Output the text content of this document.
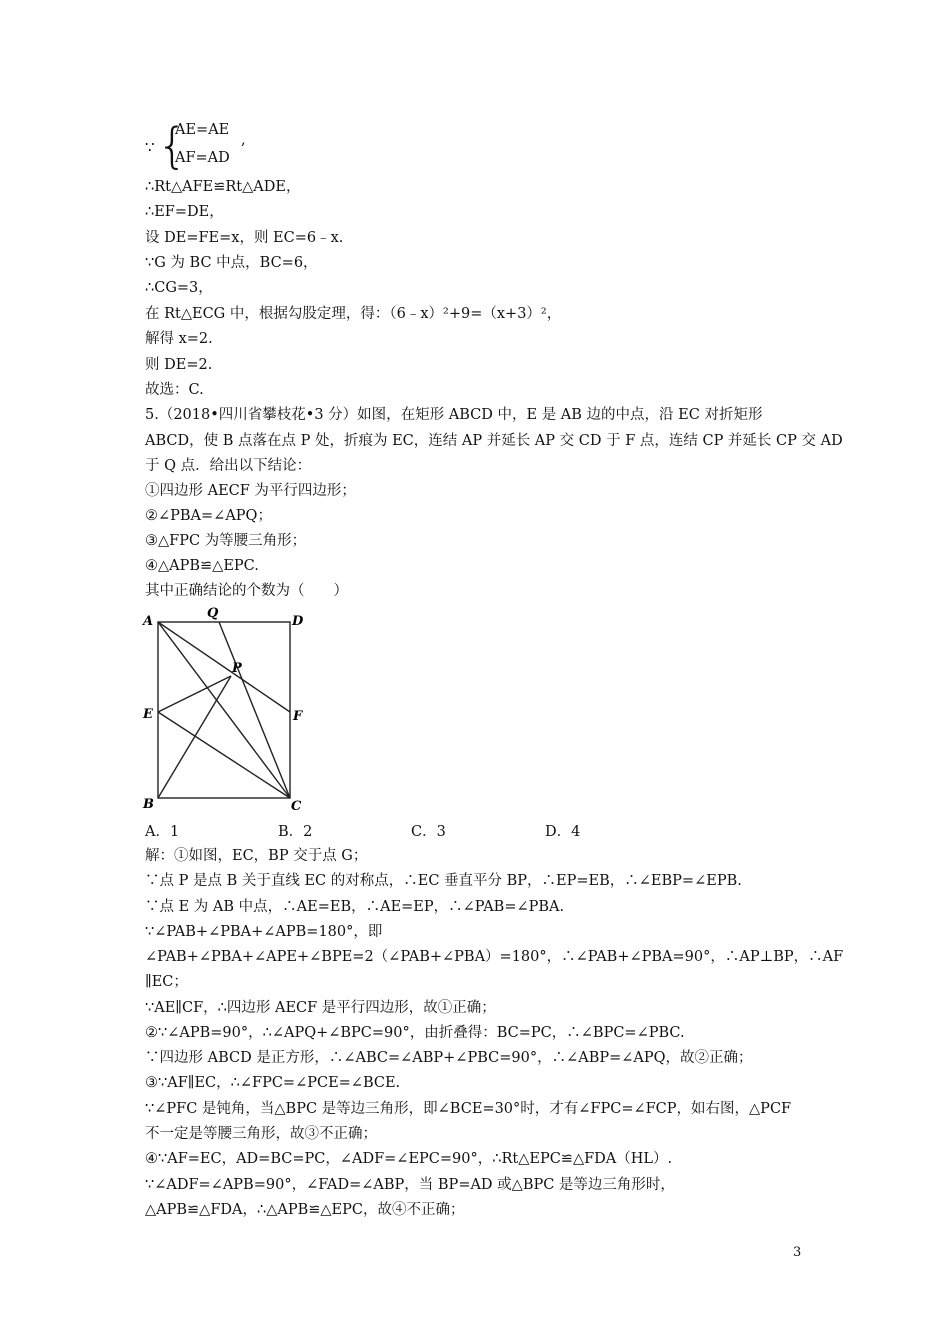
∵ {
AE=AE
AF=AD
,
∴Rt△AFE≌Rt△ADE，
∴EF=DE，
设 DE=FE=x，则 EC=6﹣x.
∵G 为 BC 中点，BC=6，
∴CG=3，
在 Rt△ECG 中，根据勾股定理，得：（6﹣x）²+9=（x+3）²，
解得 x=2.
则 DE=2.
故选：C.
5.（2018•四川省攀枝花•3 分）如图，在矩形 ABCD 中，E 是 AB 边的中点，沿 EC 对折矩形
ABCD，使 B 点落在点 P 处，折痕为 EC，连结 AP 并延长 AP 交 CD 于 F 点，连结 CP 并延长 CP 交 AD
于 Q 点．给出以下结论：
①四边形 AECF 为平行四边形；
②∠PBA=∠APQ；
③△FPC 为等腰三角形；
④△APB≌△EPC.
其中正确结论的个数为（　　）
A
Q
D
P
E	F
B	C
A．1	B．2	C．3	D．4
解：①如图，EC，BP 交于点 G；
∵点 P 是点 B 关于直线 EC 的对称点，∴EC 垂直平分 BP，∴EP=EB，∴∠EBP=∠EPB.
∵点 E 为 AB 中点，∴AE=EB，∴AE=EP，∴∠PAB=∠PBA.
∵∠PAB+∠PBA+∠APB=180°，即
∠PAB+∠PBA+∠APE+∠BPE=2（∠PAB+∠PBA）=180°，∴∠PAB+∠PBA=90°，∴AP⊥BP，∴AF
∥EC；
∵AE∥CF，∴四边形 AECF 是平行四边形，故①正确；
②∵∠APB=90°，∴∠APQ+∠BPC=90°，由折叠得：BC=PC，∴∠BPC=∠PBC.
∵四边形 ABCD 是正方形，∴∠ABC=∠ABP+∠PBC=90°，∴∠ABP=∠APQ，故②正确；
③∵AF∥EC，∴∠FPC=∠PCE=∠BCE.
∵∠PFC 是钝角，当△BPC 是等边三角形，即∠BCE=30°时，才有∠FPC=∠FCP，如右图，△PCF
不一定是等腰三角形，故③不正确；
④∵AF=EC，AD=BC=PC，∠ADF=∠EPC=90°，∴Rt△EPC≌△FDA（HL）.
∵∠ADF=∠APB=90°，∠FAD=∠ABP，当 BP=AD 或△BPC 是等边三角形时，
△APB≌△FDA，∴△APB≌△EPC，故④不正确；
3
